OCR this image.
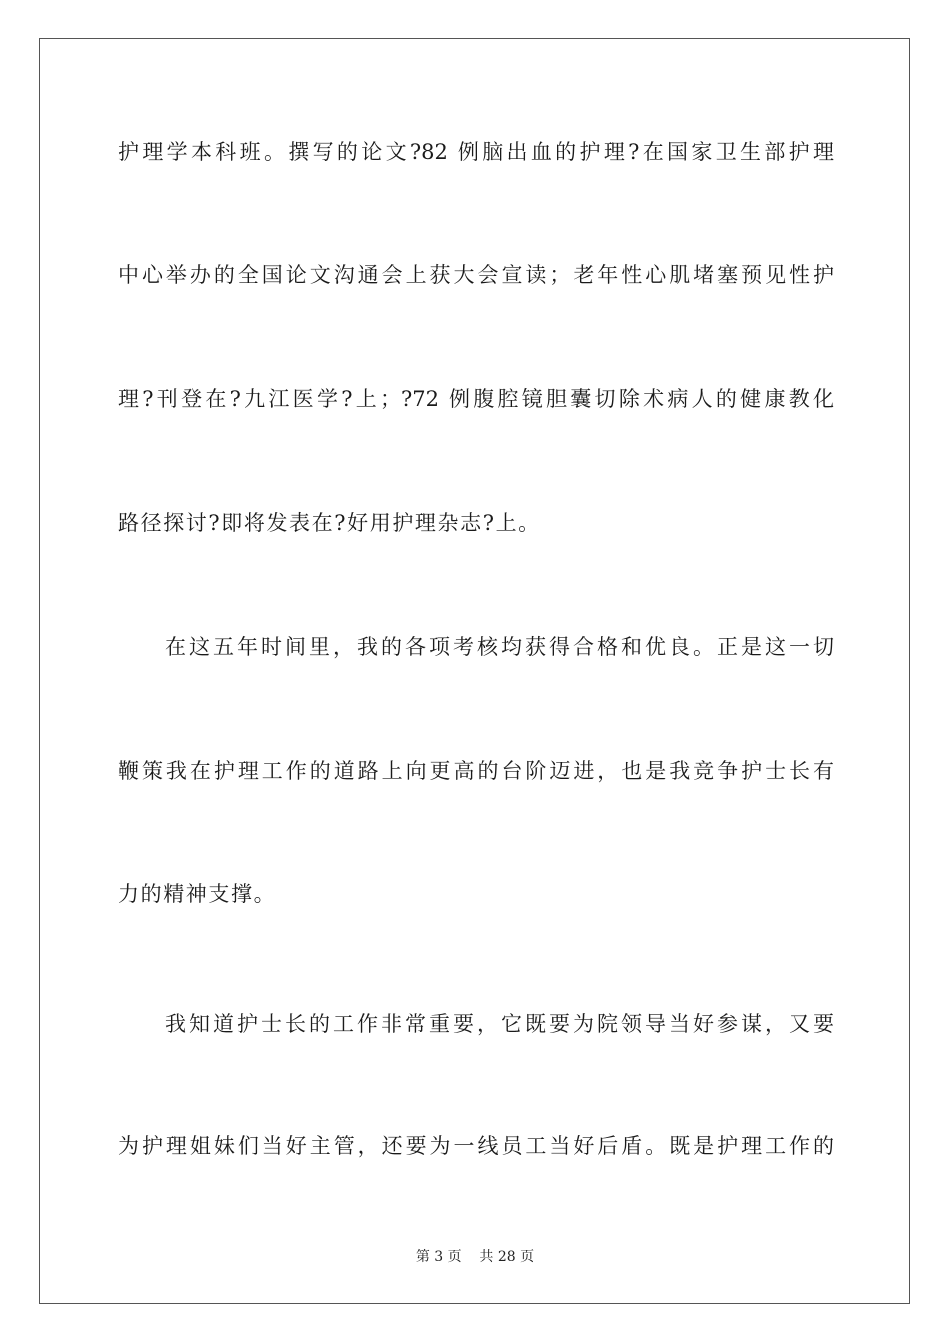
护理学本科班。撰写的论文?82 例脑出血的护理?在国家卫生部护理
中心举办的全国论文沟通会上获大会宣读；老年性心肌堵塞预见性护
理?刊登在?九江医学?上；?72 例腹腔镜胆囊切除术病人的健康教化
路径探讨?即将发表在?好用护理杂志?上。
在这五年时间里，我的各项考核均获得合格和优良。正是这一切
鞭策我在护理工作的道路上向更高的台阶迈进，也是我竞争护士长有
力的精神支撑。
我知道护士长的工作非常重要，它既要为院领导当好参谋，又要
为护理姐妹们当好主管，还要为一线员工当好后盾。既是护理工作的
第 3 页    共 28 页
